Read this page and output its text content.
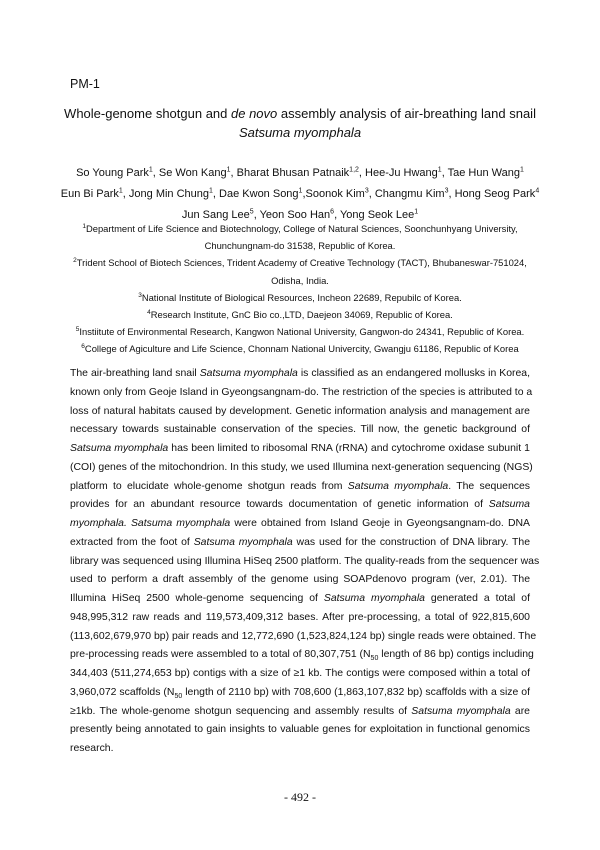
PM-1
Whole-genome shotgun and de novo assembly analysis of air-breathing land snail
Satsuma myomphala
So Young Park$^1$, Se Won Kang$^1$, Bharat Bhusan Patnaik$^{1,2}$, Hee-Ju Hwang$^1$, Tae Hun Wang$^1$
Eun Bi Park$^1$, Jong Min Chung$^1$, Dae Kwon Song$^1$,Soonok Kim$^3$, Changmu Kim$^3$, Hong Seog Park$^4$
Jun Sang Lee$^5$, Yeon Soo Han$^6$, Yong Seok Lee$^1$
$^1$Department of Life Science and Biotechnology, College of Natural Sciences, Soonchunhyang University,
Chunchungnam-do 31538, Republic of Korea.
$^2$Trident School of Biotech Sciences, Trident Academy of Creative Technology (TACT), Bhubaneswar-751024,
Odisha, India.
$^3$National Institute of Biological Resources, Incheon 22689, Repubilc of Korea.
$^4$Research Institute, GnC Bio co.,LTD, Daejeon 34069, Republic of Korea.
$^5$Instiitute of Environmental Research, Kangwon National University, Gangwon-do 24341, Republic of Korea.
$^6$College of Agiculture and Life Science, Chonnam National Univercity, Gwangju 61186, Republic of Korea
The air-breathing land snail Satsuma myomphala is classified as an endangered mollusks in Korea,
known only from Geoje Island in Gyeongsangnam-do. The restriction of the species is attributed to a
loss of natural habitats caused by development. Genetic information analysis and management are
necessary towards sustainable conservation of the species. Till now, the genetic background of
Satsuma myomphala has been limited to ribosomal RNA (rRNA) and cytochrome oxidase subunit 1
(COI) genes of the mitochondrion. In this study, we used Illumina next-generation sequencing (NGS)
platform to elucidate whole-genome shotgun reads from Satsuma myomphala. The sequences
provides for an abundant resource towards documentation of genetic information of Satsuma
myomphala. Satsuma myomphala were obtained from Island Geoje in Gyeongsangnam-do. DNA
extracted from the foot of Satsuma myomphala was used for the construction of DNA library. The
library was sequenced using Illumina HiSeq 2500 platform. The quality-reads from the sequencer was
used to perform a draft assembly of the genome using SOAPdenovo program (ver, 2.01). The
Illumina HiSeq 2500 whole-genome sequencing of Satsuma myomphala generated a total of
948,995,312 raw reads and 119,573,409,312 bases. After pre-processing, a total of 922,815,600
(113,602,679,970 bp) pair reads and 12,772,690 (1,523,824,124 bp) single reads were obtained. The
pre-processing reads were assembled to a total of 80,307,751 ($N_{50}$ length of 86 bp) contigs including
344,403 (511,274,653 bp) contigs with a size of ≥1 kb. The contigs were composed within a total of
3,960,072 scaffolds ($N_{50}$ length of 2110 bp) with 708,600 (1,863,107,832 bp) scaffolds with a size of
≥1kb. The whole-genome shotgun sequencing and assembly results of Satsuma myomphala are
presently being annotated to gain insights to valuable genes for exploitation in functional genomics
research.
- 492 -
